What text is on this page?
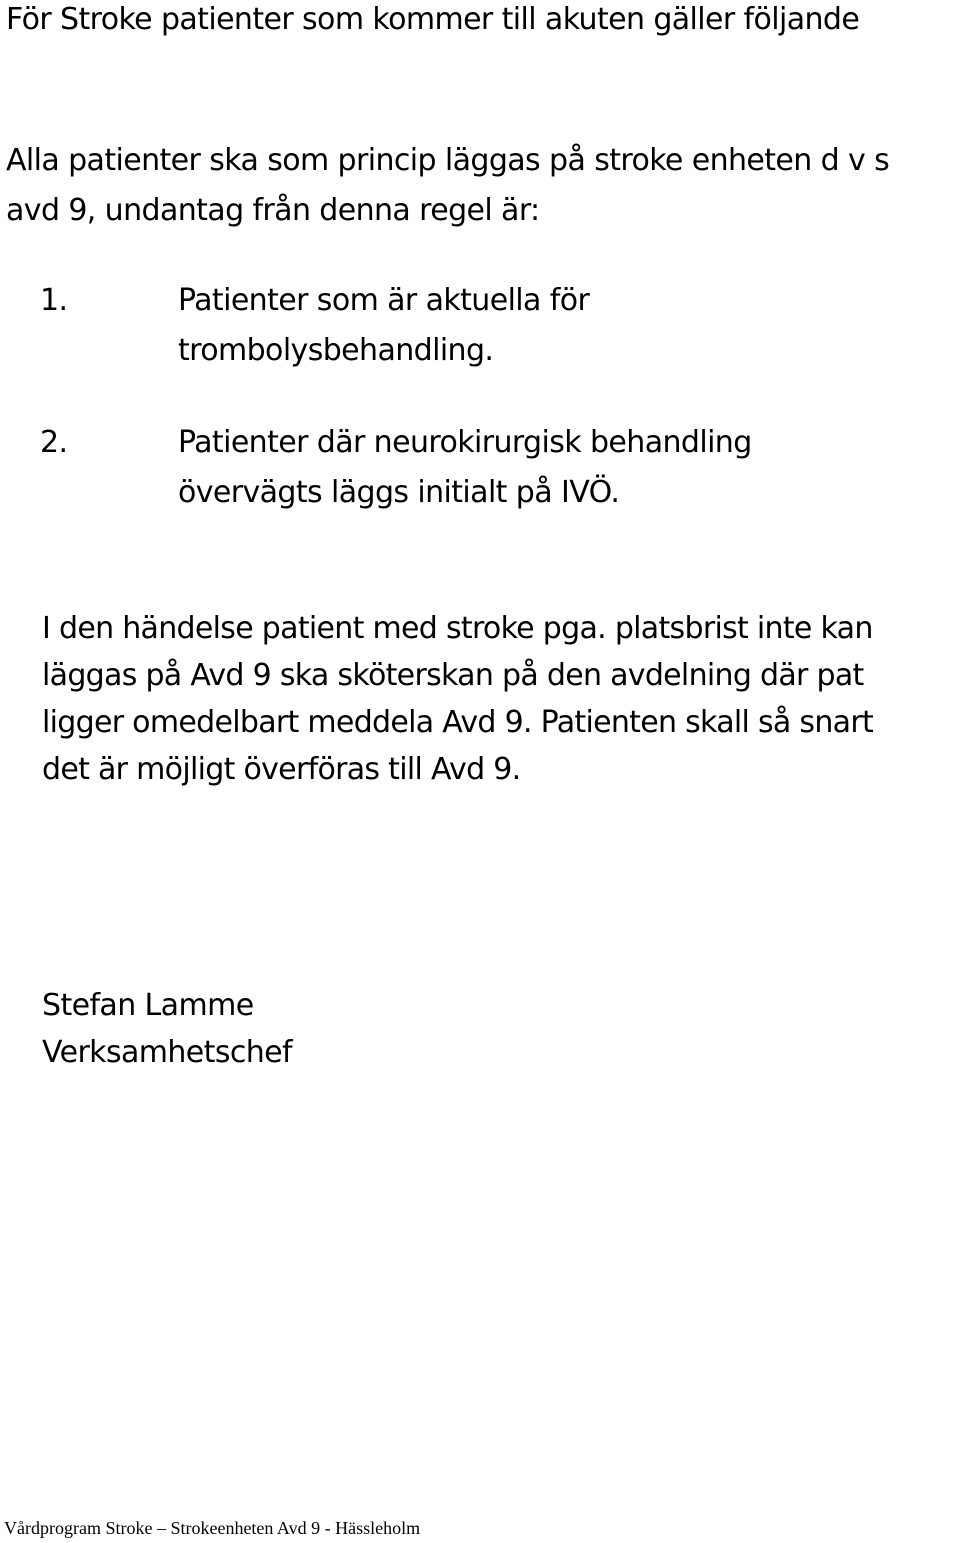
För Stroke patienter som kommer till akuten gäller följande
Alla patienter ska som princip läggas på stroke enheten d v s
avd 9, undantag från denna regel är:
1.	Patienter som är aktuella för
trombolysbehandling.
2.	Patienter där neurokirurgisk behandling
övervägts läggs initialt på IVÖ.
I den händelse patient med stroke pga. platsbrist inte kan
läggas på Avd 9 ska sköterskan på den avdelning där pat
ligger omedelbart meddela Avd 9. Patienten skall så snart
det är möjligt överföras till Avd 9.
Stefan Lamme
Verksamhetschef
Vårdprogram Stroke – Strokeenheten Avd 9 - Hässleholm
